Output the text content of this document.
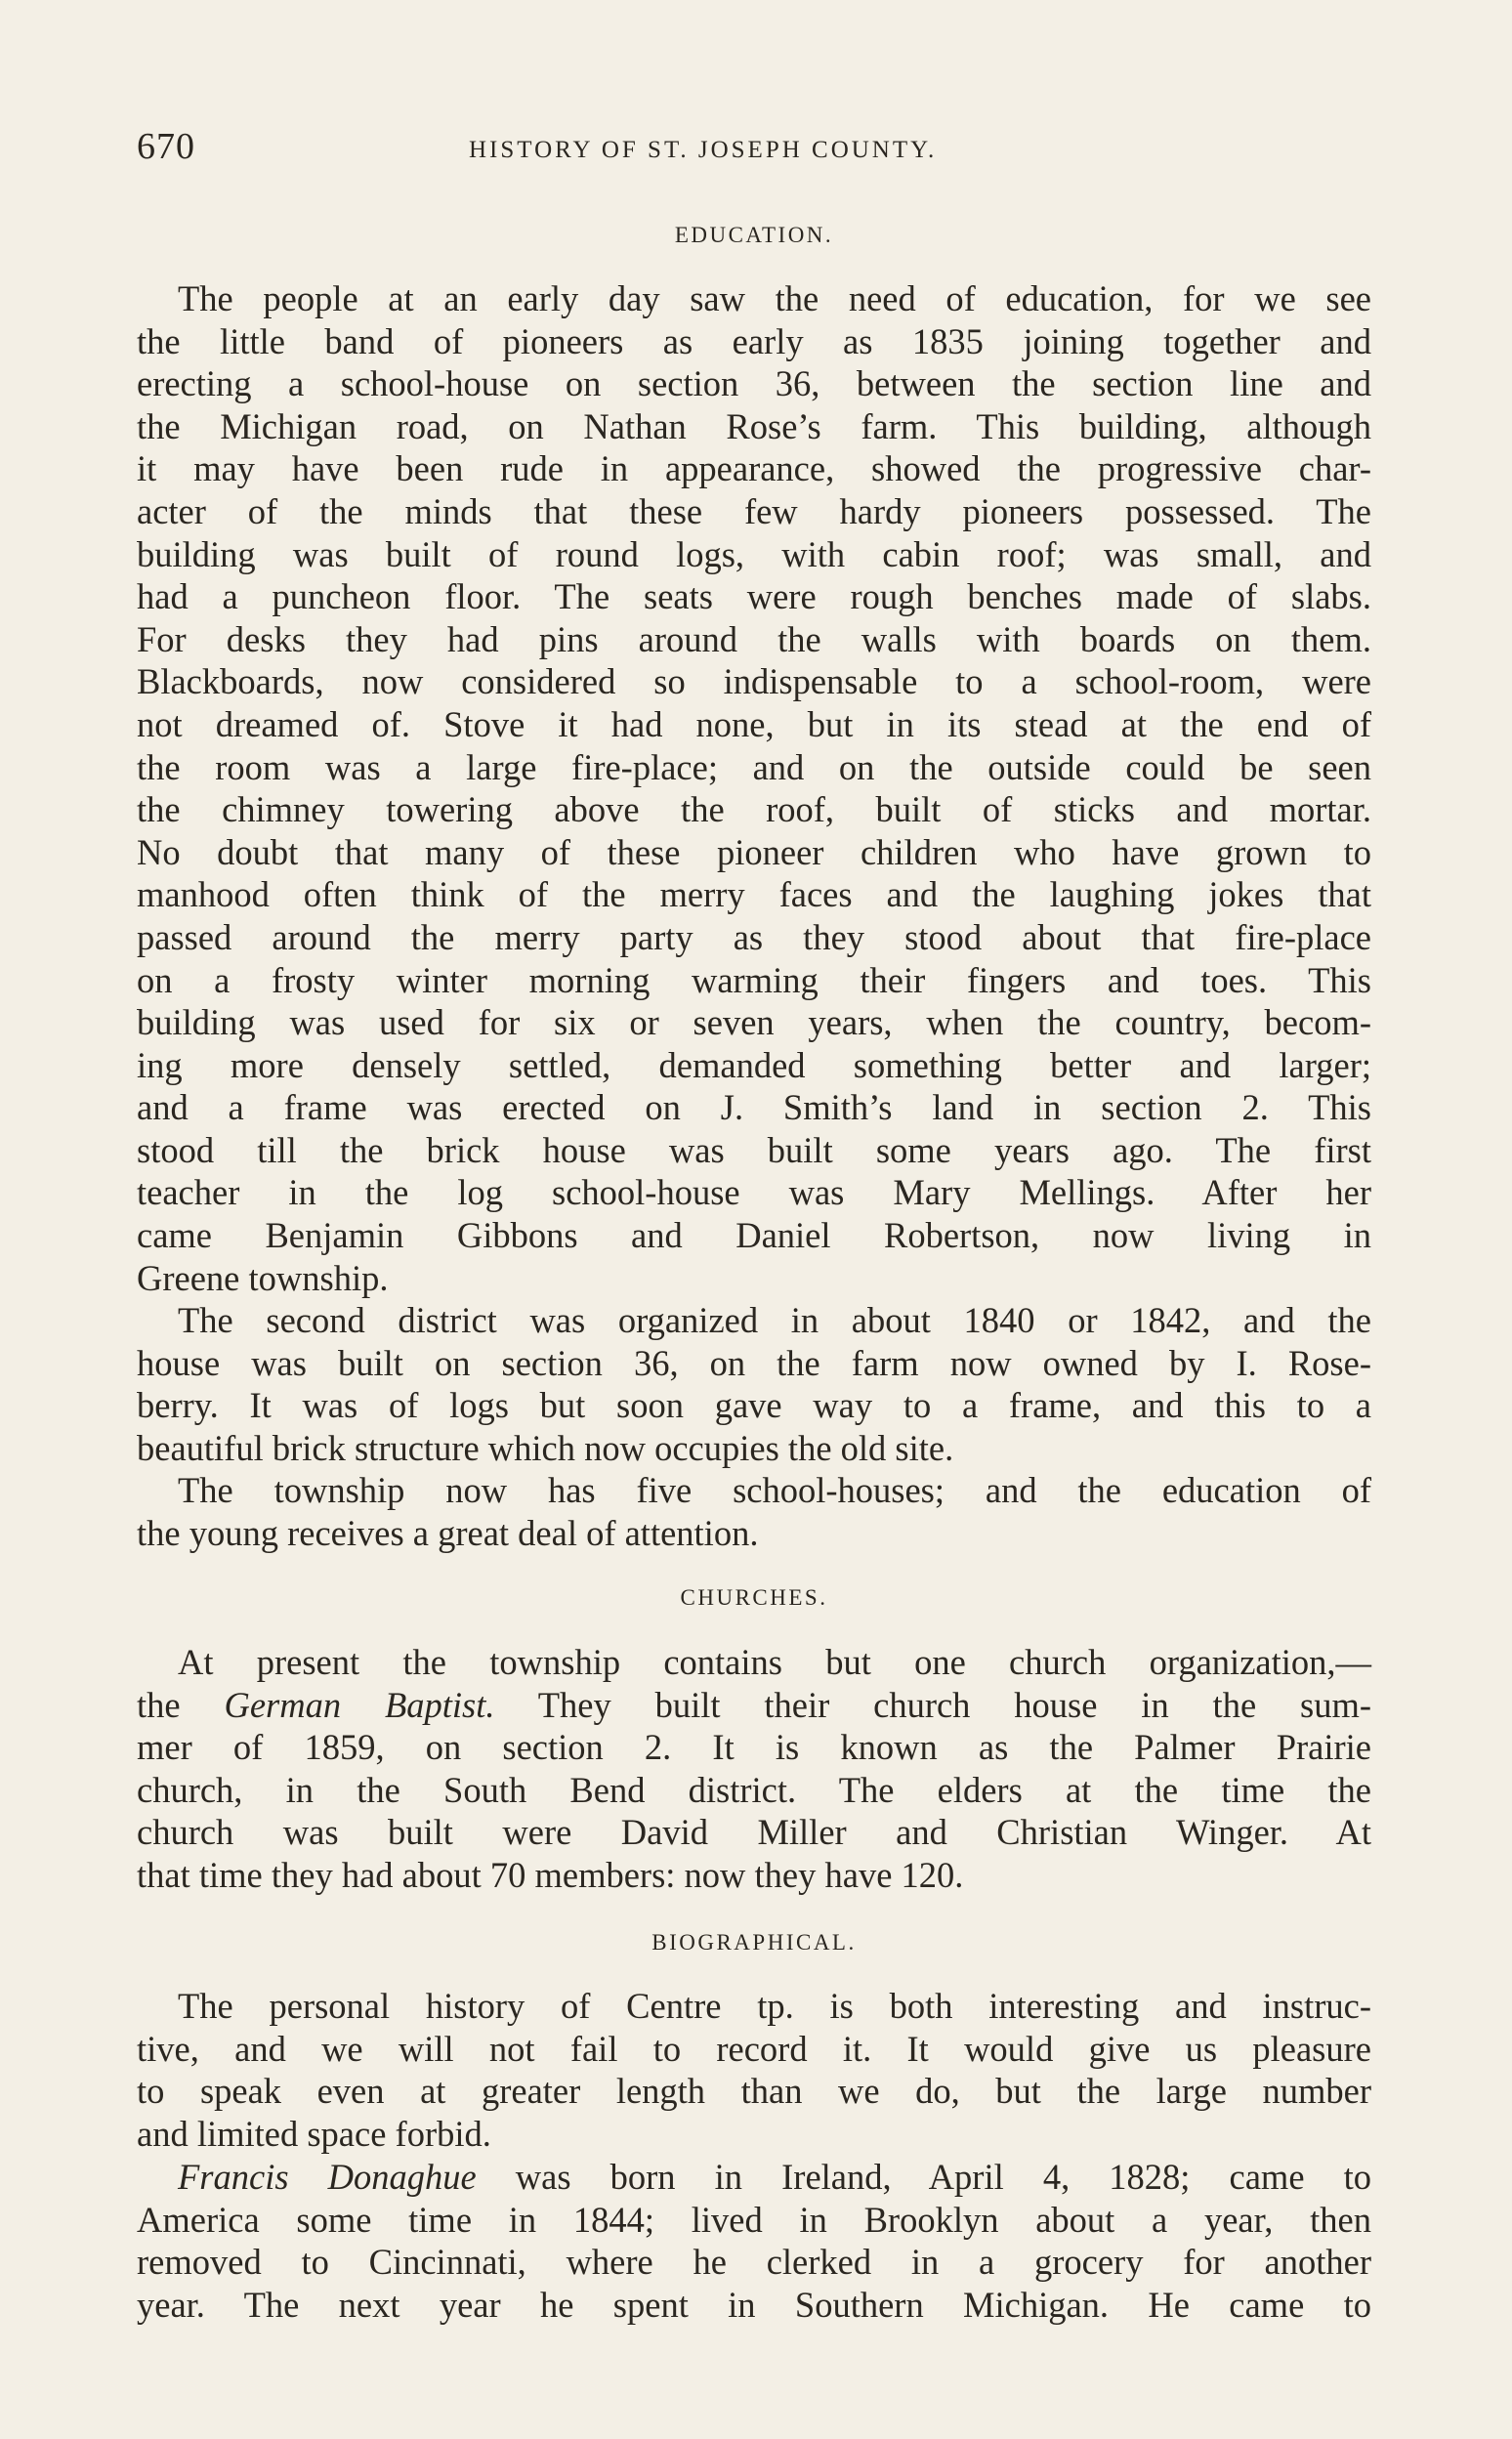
670	HISTORY OF ST. JOSEPH COUNTY.
EDUCATION.
The people at an early day saw the need of education, for we see
the little band of pioneers as early as 1835 joining together and
erecting a school-house on section 36, between the section line and
the Michigan road, on Nathan Rose’s farm. This building, although
it may have been rude in appearance, showed the progressive char-
acter of the minds that these few hardy pioneers possessed. The
building was built of round logs, with cabin roof; was small, and
had a puncheon floor. The seats were rough benches made of slabs.
For desks they had pins around the walls with boards on them.
Blackboards, now considered so indispensable to a school-room, were
not dreamed of. Stove it had none, but in its stead at the end of
the room was a large fire-place; and on the outside could be seen
the chimney towering above the roof, built of sticks and mortar.
No doubt that many of these pioneer children who have grown to
manhood often think of the merry faces and the laughing jokes that
passed around the merry party as they stood about that fire-place
on a frosty winter morning warming their fingers and toes. This
building was used for six or seven years, when the country, becom-
ing more densely settled, demanded something better and larger;
and a frame was erected on J. Smith’s land in section 2. This
stood till the brick house was built some years ago. The first
teacher in the log school-house was Mary Mellings. After her
came Benjamin Gibbons and Daniel Robertson, now living in
Greene township.
The second district was organized in about 1840 or 1842, and the
house was built on section 36, on the farm now owned by I. Rose-
berry. It was of logs but soon gave way to a frame, and this to a
beautiful brick structure which now occupies the old site.
The township now has five school-houses; and the education of
the young receives a great deal of attention.
CHURCHES.
At present the township contains but one church organization,—
the German Baptist. They built their church house in the sum-
mer of 1859, on section 2. It is known as the Palmer Prairie
church, in the South Bend district. The elders at the time the
church was built were David Miller and Christian Winger. At
that time they had about 70 members: now they have 120.
BIOGRAPHICAL.
The personal history of Centre tp. is both interesting and instruc-
tive, and we will not fail to record it. It would give us pleasure
to speak even at greater length than we do, but the large number
and limited space forbid.
Francis Donaghue was born in Ireland, April 4, 1828; came to
America some time in 1844; lived in Brooklyn about a year, then
removed to Cincinnati, where he clerked in a grocery for another
year. The next year he spent in Southern Michigan. He came to
